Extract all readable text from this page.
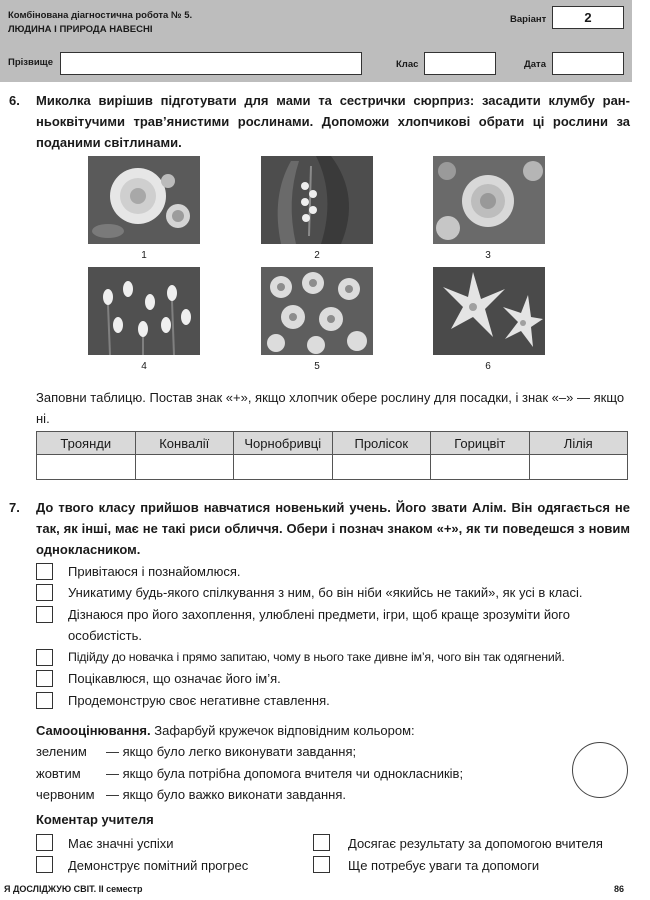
Комбінована діагностична робота № 5.
ЛЮДИНА І ПРИРОДА НАВЕСНІ
Варіант	2
Прізвище	Клас	Дата
6. Миколка вирішив підготувати для мами та сестрички сюрприз: засадити клумбу ранньоквітучими трав’янистими рослинами. Допоможи хлопчикові обрати ці рослини за поданими світлинами.
1	2	3
4	5	6
Заповни таблицю. Постав знак «+», якщо хлопчик обере рослину для посадки, і знак «–» — якщо ні.
Троянди	Конвалії	Чорнобривці	Пролісок	Горицвіт	Лілія

7. До твого класу прийшов навчатися новенький учень. Його звати Алім. Він одягається не так, як інші, має не такі риси обличчя. Обери і познач знаком «+», як ти поведешся з новим однокласником.
Привітаюся і познайомлюся.
Уникатиму будь-якого спілкування з ним, бо він ніби «якийсь не такий», як усі в класі.
Дізнаюся про його захоплення, улюблені предмети, ігри, щоб краще зрозуміти його особистість.
Підійду до новачка і прямо запитаю, чому в нього таке дивне ім’я, чого він так одягнений.
Поцікавлюся, що означає його ім’я.
Продемонструю своє негативне ставлення.
Самооцінювання. Зафарбуй кружечок відповідним кольором:
зеленим — якщо було легко виконувати завдання;
жовтим — якщо була потрібна допомога вчителя чи однокласників;
червоним — якщо було важко виконати завдання.
Коментар учителя
Має значні успіхи	Досягає результату за допомогою вчителя
Демонструє помітний прогрес	Ще потребує уваги та допомоги
Я ДОСЛІДЖУЮ СВІТ. ІІ семестр	86
